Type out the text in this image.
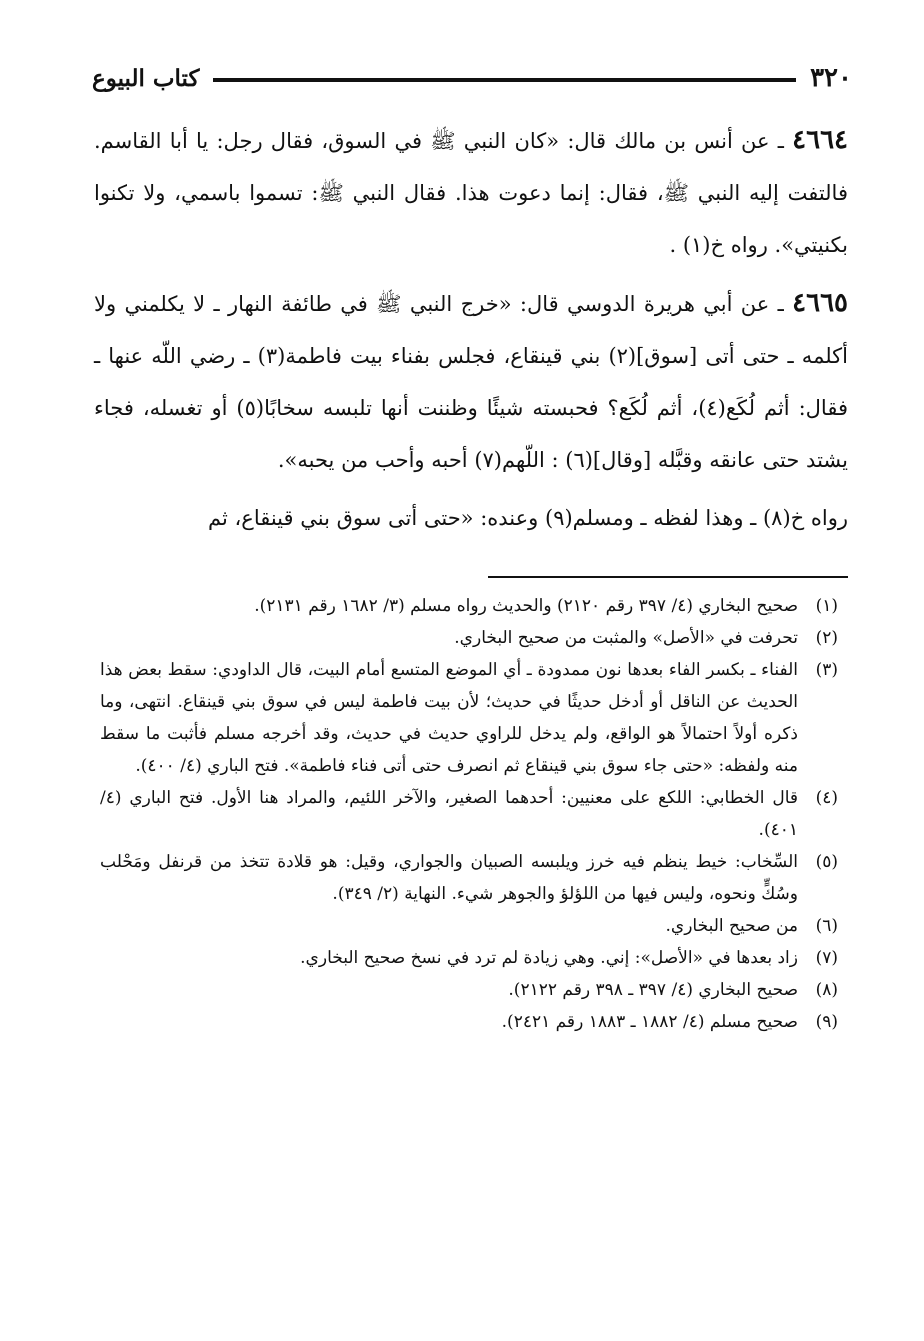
٣٢٠
كتاب البيوع

٤٦٦٤ ـ عن أنس بن مالك قال: «كان النبي ﷺ في السوق، فقال رجل: يا أبا القاسم. فالتفت إليه النبي ﷺ، فقال: إنما دعوت هذا. فقال النبي ﷺ: تسموا باسمي، ولا تكنوا بكنيتي». رواه خ(١) .

٤٦٦٥ ـ عن أبي هريرة الدوسي قال: «خرج النبي ﷺ في طائفة النهار ـ لا يكلمني ولا أكلمه ـ حتى أتى [سوق](٢) بني قينقاع، فجلس بفناء بيت فاطمة(٣) ـ رضي اللّه عنها ـ فقال: أثم لُكَع(٤)، أثم لُكَع؟ فحبسته شيئًا وظننت أنها تلبسه سخابًا(٥) أو تغسله، فجاء يشتد حتى عانقه وقبَّله [وقال](٦) : اللّهم(٧) أحبه وأحب من يحبه».

رواه خ(٨) ـ وهذا لفظه ـ ومسلم(٩) وعنده: «حتى أتى سوق بني قينقاع، ثم

(١)
صحيح البخاري (٤/ ٣٩٧ رقم ٢١٢٠) والحديث رواه مسلم (٣/ ١٦٨٢ رقم ٢١٣١).
(٢)
تحرفت في «الأصل» والمثبت من صحيح البخاري.
(٣)
الفناء ـ بكسر الفاء بعدها نون ممدودة ـ أي الموضع المتسع أمام البيت، قال الداودي: سقط بعض هذا الحديث عن الناقل أو أدخل حديثًا في حديث؛ لأن بيت فاطمة ليس في سوق بني قينقاع. انتهى، وما ذكره أولاً احتمالاً هو الواقع، ولم يدخل للراوي حديث في حديث، وقد أخرجه مسلم فأثبت ما سقط منه ولفظه: «حتى جاء سوق بني قينقاع ثم انصرف حتى أتى فناء فاطمة». فتح الباري (٤/ ٤٠٠).
(٤)
قال الخطابي: اللكع على معنيين: أحدهما الصغير، والآخر اللئيم، والمراد هنا الأول. فتح الباري (٤/ ٤٠١).
(٥)
السِّخاب: خيط ينظم فيه خرز ويلبسه الصبيان والجواري، وقيل: هو قلادة تتخذ من قرنفل ومَحْلب وسُكٍّ ونحوه، وليس فيها من اللؤلؤ والجوهر شيء. النهاية (٢/ ٣٤٩).
(٦)
من صحيح البخاري.
(٧)
زاد بعدها في «الأصل»: إني. وهي زيادة لم ترد في نسخ صحيح البخاري.
(٨)
صحيح البخاري (٤/ ٣٩٧ ـ ٣٩٨ رقم ٢١٢٢).
(٩)
صحيح مسلم (٤/ ١٨٨٢ ـ ١٨٨٣ رقم ٢٤٢١).
